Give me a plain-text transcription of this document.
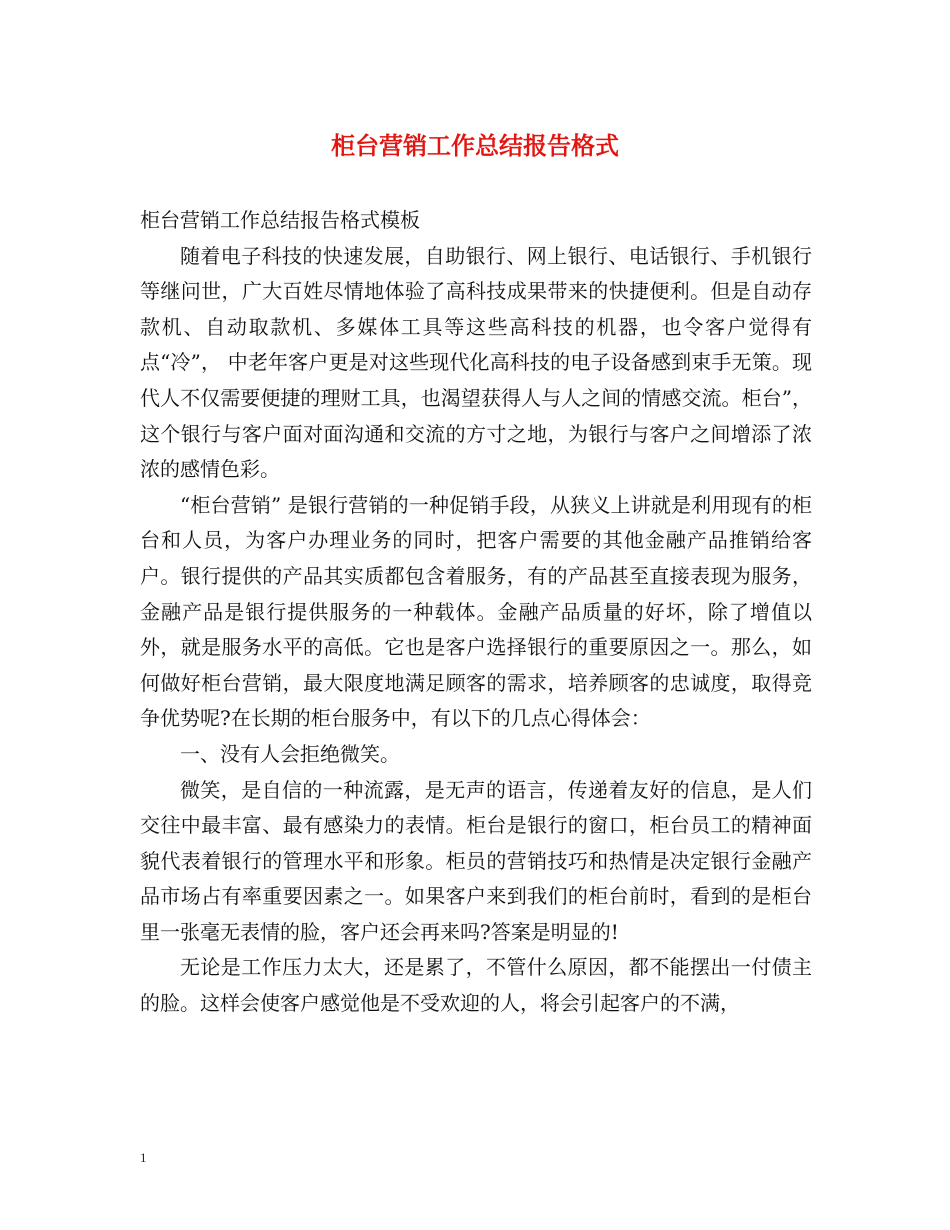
柜台营销工作总结报告格式

柜台营销工作总结报告格式模板

随着电子科技的快速发展，自助银行、网上银行、电话银行、手机银行等继问世，广大百姓尽情地体验了高科技成果带来的快捷便利。但是自动存款机、自动取款机、多媒体工具等这些高科技的机器，也令客户觉得有点“冷”， 中老年客户更是对这些现代化高科技的电子设备感到束手无策。现代人不仅需要便捷的理财工具，也渴望获得人与人之间的情感交流。柜台”，这个银行与客户面对面沟通和交流的方寸之地，为银行与客户之间增添了浓浓的感情色彩。

“柜台营销” 是银行营销的一种促销手段，从狭义上讲就是利用现有的柜台和人员，为客户办理业务的同时，把客户需要的其他金融产品推销给客户。银行提供的产品其实质都包含着服务，有的产品甚至直接表现为服务，金融产品是银行提供服务的一种载体。金融产品质量的好坏，除了增值以外，就是服务水平的高低。它也是客户选择银行的重要原因之一。那么，如何做好柜台营销，最大限度地满足顾客的需求，培养顾客的忠诚度，取得竞争优势呢?在长期的柜台服务中，有以下的几点心得体会：

一、没有人会拒绝微笑。

微笑，是自信的一种流露，是无声的语言，传递着友好的信息，是人们交往中最丰富、最有感染力的表情。柜台是银行的窗口，柜台员工的精神面貌代表着银行的管理水平和形象。柜员的营销技巧和热情是决定银行金融产品市场占有率重要因素之一。如果客户来到我们的柜台前时，看到的是柜台里一张毫无表情的脸，客户还会再来吗?答案是明显的!

无论是工作压力太大，还是累了，不管什么原因，都不能摆出一付债主的脸。这样会使客户感觉他是不受欢迎的人，将会引起客户的不满，

1
